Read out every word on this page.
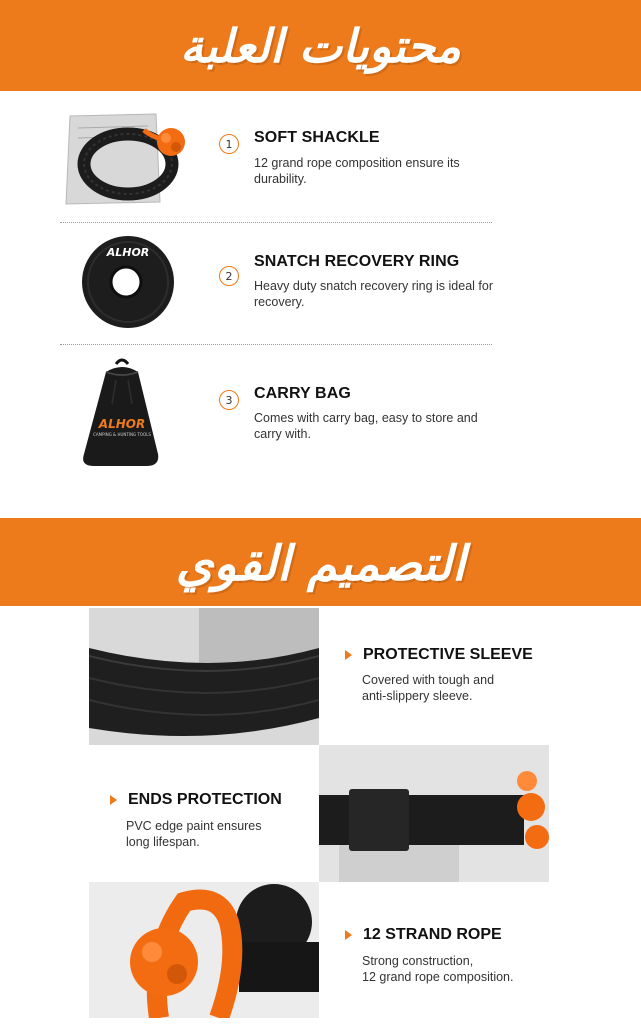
محتويات العلبة
1	SOFT SHACKLE
12 grand rope composition ensure its durability.
ALHOR
2
SNATCH RECOVERY RING
Heavy duty snatch recovery ring is ideal for recovery.
ALHOR
CAMPING & HUNTING TOOLS
3	CARRY BAG
Comes with carry bag, easy to store and carry with.
التصميم القوي
PROTECTIVE SLEEVE
Covered with tough and
anti-slippery sleeve.
ENDS PROTECTION
PVC edge paint ensures
long lifespan.
12 STRAND ROPE
Strong construction,
12 grand rope composition.
